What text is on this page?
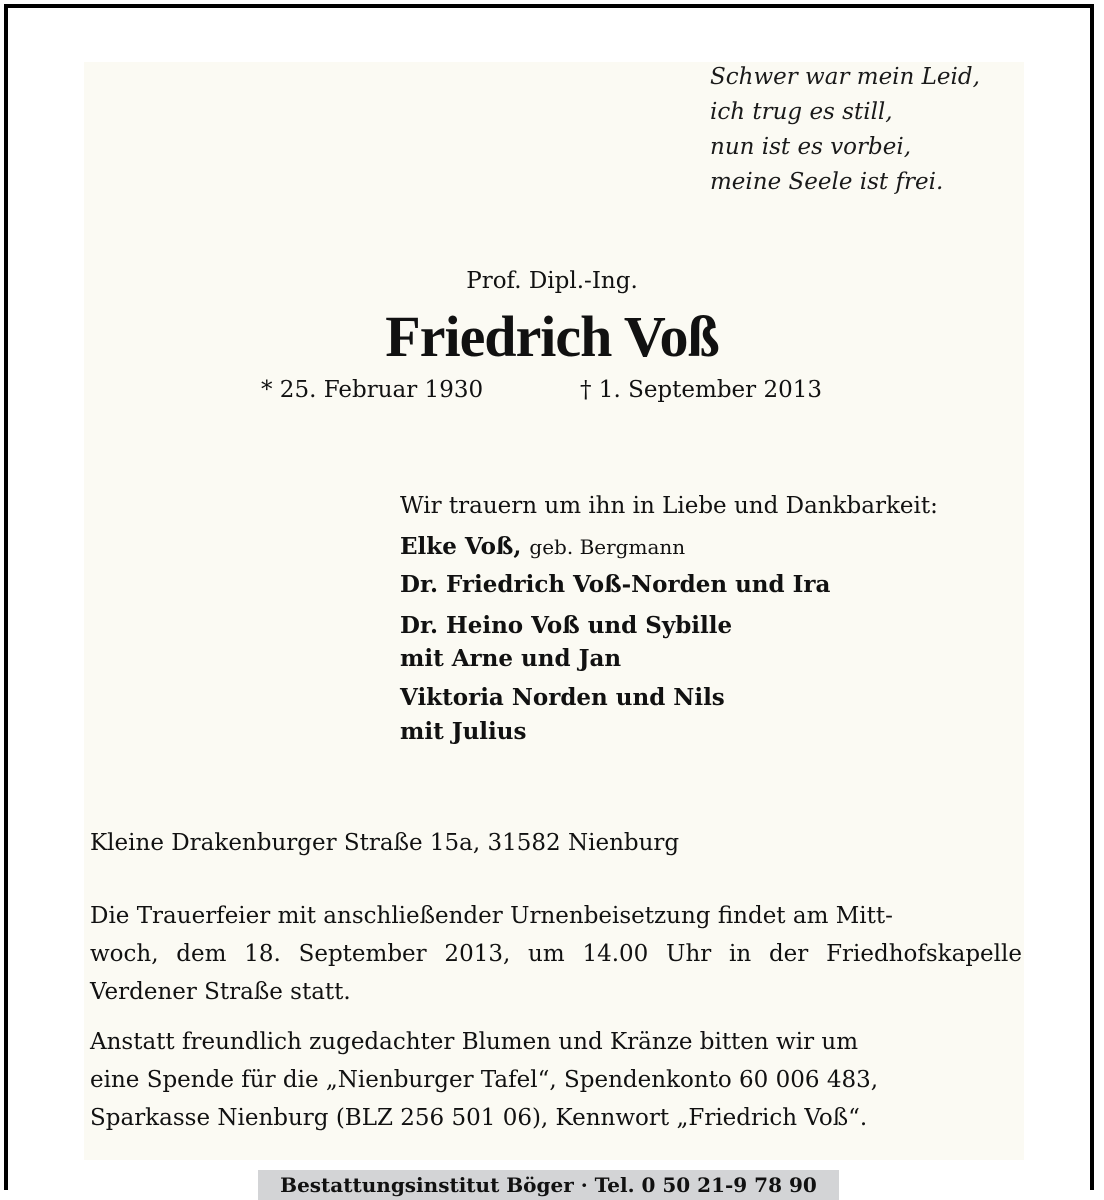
Schwer war mein Leid,
ich trug es still,
nun ist es vorbei,
meine Seele ist frei.
Prof. Dipl.-Ing.
Friedrich Voß
* 25. Februar 1930	† 1. September 2013
Wir trauern um ihn in Liebe und Dankbarkeit:
Elke Voß, geb. Bergmann
Dr. Friedrich Voß-Norden und Ira
Dr. Heino Voß und Sybille
mit Arne und Jan
Viktoria Norden und Nils
mit Julius
Kleine Drakenburger Straße 15a, 31582 Nienburg
Die Trauerfeier mit anschließender Urnenbeisetzung findet am Mitt-
woch, dem 18. September 2013, um 14.00 Uhr in der Friedhofskapelle
Verdener Straße statt.
Anstatt freundlich zugedachter Blumen und Kränze bitten wir um
eine Spende für die „Nienburger Tafel“, Spendenkonto 60 006 483,
Sparkasse Nienburg (BLZ 256 501 06), Kennwort „Friedrich Voß“.
Bestattungsinstitut Böger · Tel. 0 50 21-9 78 90
